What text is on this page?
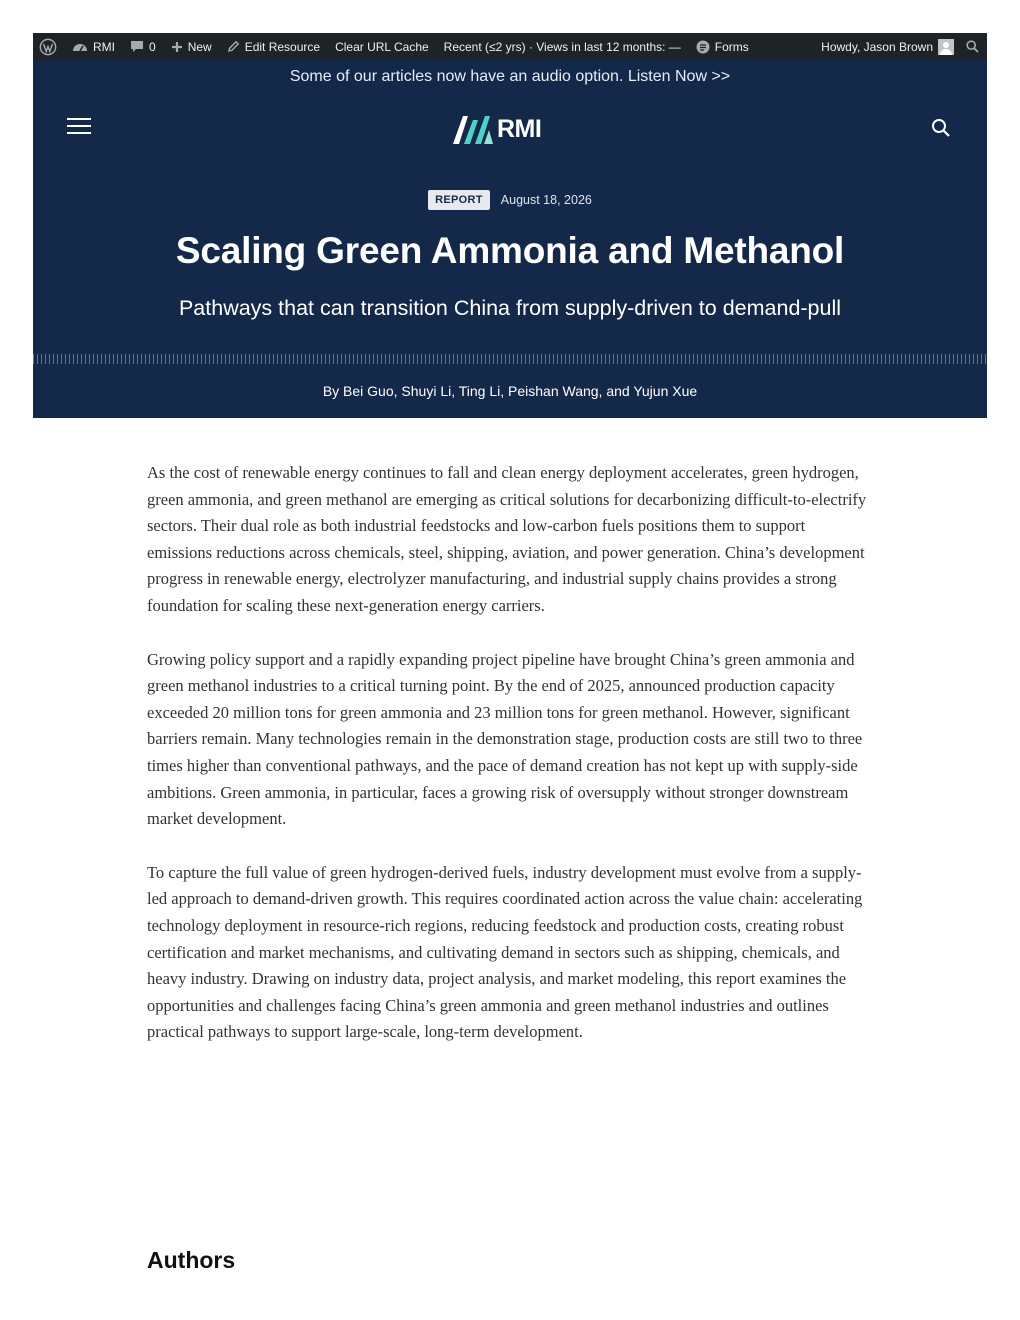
RMI	0	New	Edit Resource Clear URL Cache Recent (≤2 yrs) · Views in last 12 months: —	Forms	Howdy, Jason Brown
Some of our articles now have an audio option. Listen Now >>
RMI
REPORT	August 18, 2026
Scaling Green Ammonia and Methanol
Pathways that can transition China from supply-driven to demand-pull
By Bei Guo, Shuyi Li, Ting Li, Peishan Wang, and Yujun Xue

As the cost of renewable energy continues to fall and clean energy deployment accelerates, green hydrogen, green ammonia, and green methanol are emerging as critical solutions for decarbonizing difficult-to-electrify sectors. Their dual role as both industrial feedstocks and low-carbon fuels positions them to support emissions reductions across chemicals, steel, shipping, aviation, and power generation. China’s development progress in renewable energy, electrolyzer manufacturing, and industrial supply chains provides a strong foundation for scaling these next-generation energy carriers.

Growing policy support and a rapidly expanding project pipeline have brought China’s green ammonia and green methanol industries to a critical turning point. By the end of 2025, announced production capacity exceeded 20 million tons for green ammonia and 23 million tons for green methanol. However, significant barriers remain. Many technologies remain in the demonstration stage, production costs are still two to three times higher than conventional pathways, and the pace of demand creation has not kept up with supply-side ambitions. Green ammonia, in particular, faces a growing risk of oversupply without stronger downstream market development.

To capture the full value of green hydrogen-derived fuels, industry development must evolve from a supply-led approach to demand-driven growth. This requires coordinated action across the value chain: accelerating technology deployment in resource-rich regions, reducing feedstock and production costs, creating robust certification and market mechanisms, and cultivating demand in sectors such as shipping, chemicals, and heavy industry. Drawing on industry data, project analysis, and market modeling, this report examines the opportunities and challenges facing China’s green ammonia and green methanol industries and outlines practical pathways to support large-scale, long-term development.

Authors
